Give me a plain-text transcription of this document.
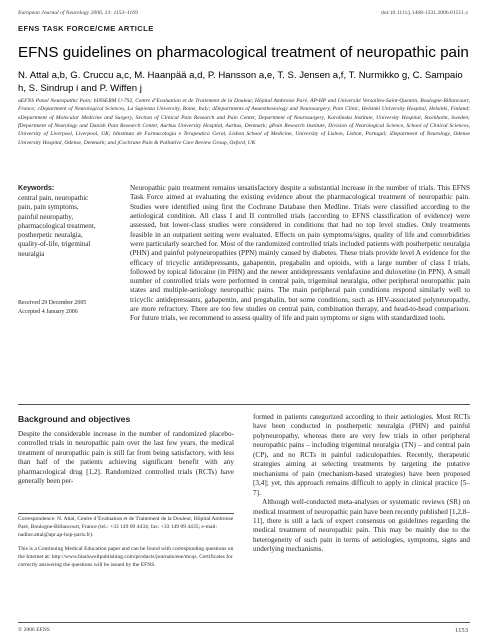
European Journal of Neurology 2006, 13: 1153–1169	doi:10.1111/j.1468-1331.2006.01511.x
EFNS TASK FORCE/CME ARTICLE
EFNS guidelines on pharmacological treatment of neuropathic pain
N. Attal a,b, G. Cruccu a,c, M. Haanpää a,d, P. Hansson a,e, T. S. Jensen a,f, T. Nurmikko g, C. Sampaio h, S. Sindrup i and P. Wiffen j
aEFNS Panel Neuropathic Pain; bINSERM U-792, Centre d’Evaluation et de Traitement de la Douleur, Hôpital Ambroise Paré, AP-HP and Université Versailles-Saint-Quentin, Boulogne-Billancourt, France; cDepartment of Neurological Sciences, La Sapienza University, Rome, Italy; dDepartments of Anaesthesiology and Neurosurgery, Pain Clinic, Helsinki University Hospital, Helsinki, Finland; eDepartment of Molecular Medicine and Surgery, Section of Clinical Pain Research and Pain Center, Department of Neurosurgery, Karolinska Institute, University Hospital, Stockholm, Sweden; fDepartment of Neurology and Danish Pain Research Center, Aarhus University Hospital, Aarhus, Denmark; gPain Research Institute, Division of Neurological Science, School of Clinical Sciences, University of Liverpool, Liverpool, UK; hInstituto de Farmacologia e Terapeutica Geral, Lisbon School of Medicine, University of Lisbon, Lisbon, Portugal; iDepartment of Neurology, Odense University Hospital, Odense, Denmark; and jCochrane Pain & Palliative Care Review Group, Oxford, UK
Keywords:
central pain, neuropathic pain, pain symptoms, painful neuropathy, pharmacological treatment, postherpetic neuralgia, quality-of-life, trigeminal neuralgia
Received 29 December 2005
Accepted 4 January 2006
Neuropathic pain treatment remains unsatisfactory despite a substantial increase in the number of trials. This EFNS Task Force aimed at evaluating the existing evidence about the pharmacological treatment of neuropathic pain. Studies were identified using first the Cochrane Database then Medline. Trials were classified according to the aetiological condition. All class I and II controlled trials (according to EFNS classification of evidence) were assessed, but lower-class studies were considered in conditions that had no top level studies. Only treatments feasible in an outpatient setting were evaluated. Effects on pain symptoms/signs, quality of life and comorbidities were particularly searched for. Most of the randomized controlled trials included patients with postherpetic neuralgia (PHN) and painful polyneuropathies (PPN) mainly caused by diabetes. These trials provide level A evidence for the efficacy of tricyclic antidepressants, gabapentin, pregabalin and opioids, with a large number of class I trials, followed by topical lidocaine (in PHN) and the newer antidepressants venlafaxine and duloxetine (in PPN). A small number of controlled trials were performed in central pain, trigeminal neuralgia, other peripheral neuropathic pain states and multiple-aetiology neuropathic pains. The main peripheral pain conditions respond similarly well to tricyclic antidepressants, gabapentin, and pregabalin, but some conditions, such as HIV-associated polyneuropathy, are more refractory. There are too few studies on central pain, combination therapy, and head-to-head comparison. For future trials, we recommend to assess quality of life and pain symptoms or signs with standardized tools.
Background and objectives
Despite the considerable increase in the number of randomized placebo-controlled trials in neuropathic pain over the last few years, the medical treatment of neuropathic pain is still far from being satisfactory, with less than half of the patients achieving significant benefit with any pharmacological drug [1,2]. Randomized controlled trials (RCTs) have generally been per-

formed in patients categorized according to their aetiologies. Most RCTs have been conducted in postherpetic neuralgia (PHN) and painful polyneuropathy, whereas there are very few trials in other peripheral neuropathic pains – including trigeminal neuralgia (TN) – and central pain (CP), and no RCTs in painful radiculopathies. Recently, therapeutic strategies aiming at selecting treatments by targeting the putative mechanisms of pain (mechanism-based strategies) have been proposed [3,4]; yet, this approach remains difficult to apply in clinical practice [5–7].

Although well-conducted meta-analyses or systematic reviews (SR) on medical treatment of neuropathic pain have been recently published [1,2,8–11], there is still a lack of expert consensus on guidelines regarding the medical treatment of neuropathic pain. This may be mainly due to the heterogeneity of such pain in terms of aetiologies, symptoms, signs and underlying mechanisms.

Correspondence: N. Attal, Centre d’Evaluation et de Traitement de la Douleur, Hôpital Ambroise Paré, Boulogne-Billancourt, France (tel.: +33 149 09 4434; fax: +33 149 09 4435; e-mail: nadine.attal@apr.ap-hop-paris.fr).
This is a Continuing Medical Education paper and can be found with corresponding questions on the Internet at: http://www.blackwellpublishing.com/products/journals/ene/mcqs. Certificates for correctly answering the questions will be issued by the EFNS.
© 2006 EFNS	1153
